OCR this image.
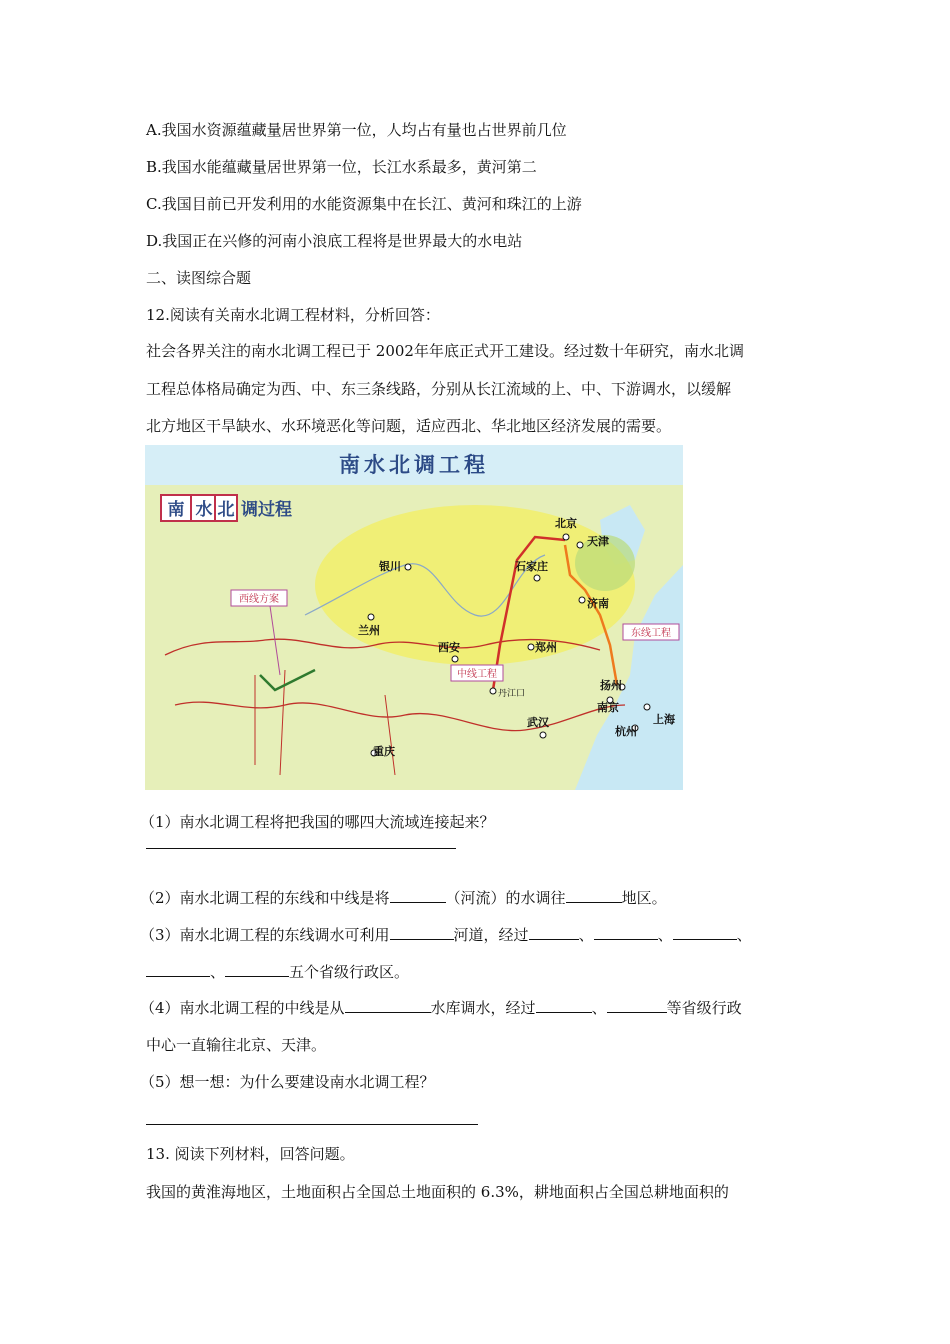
A.我国水资源蕴藏量居世界第一位，人均占有量也占世界前几位
B.我国水能蕴藏量居世界第一位，长江水系最多，黄河第二
C.我国目前已开发利用的水能资源集中在长江、黄河和珠江的上游
D.我国正在兴修的河南小浪底工程将是世界最大的水电站
二、读图综合题
12.阅读有关南水北调工程材料，分析回答：
社会各界关注的南水北调工程已于 2002年年底正式开工建设。经过数十年研究，南水北调
工程总体格局确定为西、中、东三条线路，分别从长江流域的上、中、下游调水，以缓解
北方地区干旱缺水、水环境恶化等问题，适应西北、华北地区经济发展的需要。
南水北调工程
南 水 北 调过程
西线方案
中线工程
东线工程
北京
天津
银川	石家庄
济南
兰州
西安	郑州
扬州
南京
上海
武汉
重庆
杭州
丹江口
（1）南水北调工程将把我国的哪四大流域连接起来？
（2）南水北调工程的东线和中线是将	（河流）的水调往	地区。
（3）南水北调工程的东线调水可利用	河道，经过	、	、	、
、	五个省级行政区。
（4）南水北调工程的中线是从	水库调水，经过	、	等省级行政
中心一直输往北京、天津。
（5）想一想：为什么要建设南水北调工程？
13. 阅读下列材料，回答问题。
我国的黄淮海地区，土地面积占全国总土地面积的 6.3%，耕地面积占全国总耕地面积的
